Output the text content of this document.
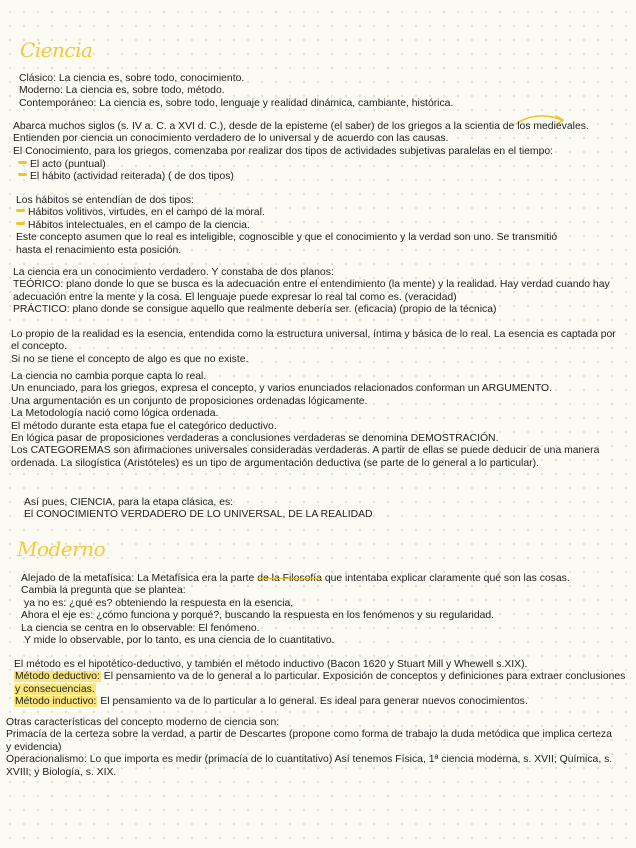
Ciencia
Clásico: La ciencia es, sobre todo, conocimiento.
Moderno: La ciencia es, sobre todo, método.
Contemporáneo: La ciencia es, sobre todo, lenguaje y realidad dinámica, cambiante, histórica.
Abarca muchos siglos (s. IV a. C. a XVI d. C.), desde de la episteme (el saber) de los griegos a la scientia de los medievales.
Entienden por ciencia un conocimiento verdadero de lo universal y de acuerdo con las causas.
El Conocimiento, para los griegos, comenzaba por realizar dos tipos de actividades subjetivas paralelas en el tiempo:
El acto (puntual)
El hábito (actividad reiterada) ( de dos tipos)
Los hábitos se entendían de dos tipos:
Hábitos volitivos, virtudes, en el campo de la moral.
Hábitos intelectuales, en el campo de la ciencia.
Este concepto asumen que lo real es inteligible, cognoscible y que el conocimiento y la verdad son uno. Se transmitió
hasta el renacimiento esta posición.
La ciencia era un conocimiento verdadero. Y constaba de dos planos:
TEÓRICO: plano donde lo que se busca es la adecuación entre el entendimiento (la mente) y la realidad. Hay verdad cuando hay
adecuación entre la mente y la cosa. El lenguaje puede expresar lo real tal como es. (veracidad)
PRÁCTICO: plano donde se consigue aquello que realmente debería ser. (eficacia) (propio de la técnica)
Lo propio de la realidad es la esencia, entendida como la estructura universal, íntima y básica de lo real. La esencia es captada por
el concepto.
Si no se tiene el concepto de algo es que no existe.
La ciencia no cambia porque capta lo real.
Un enunciado, para los griegos, expresa el concepto, y varios enunciados relacionados conforman un ARGUMENTO.
Una argumentación es un conjunto de proposiciones ordenadas lógicamente.
La Metodología nació como lógica ordenada.
El método durante esta etapa fue el categórico deductivo.
En lógica pasar de proposiciones verdaderas a conclusiones verdaderas se denomina DEMOSTRACIÓN.
Los CATEGOREMAS son afirmaciones universales consideradas verdaderas. A partir de ellas se puede deducir de una manera
ordenada. La silogística (Aristóteles) es un tipo de argumentación deductiva (se parte de lo general a lo particular).
Así pues, CIENCIA, para la etapa clásica, es:
El CONOCIMIENTO VERDADERO DE LO UNIVERSAL, DE LA REALIDAD
Moderno
Alejado de la metafísica: La Metafísica era la parte de la Filosofía que intentaba explicar claramente qué son las cosas.
Cambia la pregunta que se plantea:
ya no es: ¿qué es? obteniendo la respuesta en la esencia,
Ahora el eje es: ¿cómo funciona y porqué?, buscando la respuesta en los fenómenos y su regularidad.
La ciencia se centra en lo observable: El fenómeno.
Y mide lo observable, por lo tanto, es una ciencia de lo cuantitativo.
El método es el hipotético-deductivo, y también el método inductivo (Bacon 1620 y Stuart Mill y Whewell s.XIX).
Método deductivo: El pensamiento va de lo general a lo particular. Exposición de conceptos y definiciones para extraer conclusiones
y consecuencias.
Método inductivo: El pensamiento va de lo particular a lo general. Es ideal para generar nuevos conocimientos.
Otras características del concepto moderno de ciencia son:
Primacía de la certeza sobre la verdad, a partir de Descartes (propone como forma de trabajo la duda metódica que implica certeza
y evidencia)
Operacionalismo: Lo que importa es medir (primacía de lo cuantitativo) Así tenemos Física, 1ª ciencia moderna, s. XVII; Química, s.
XVIII; y Biología, s. XIX.
